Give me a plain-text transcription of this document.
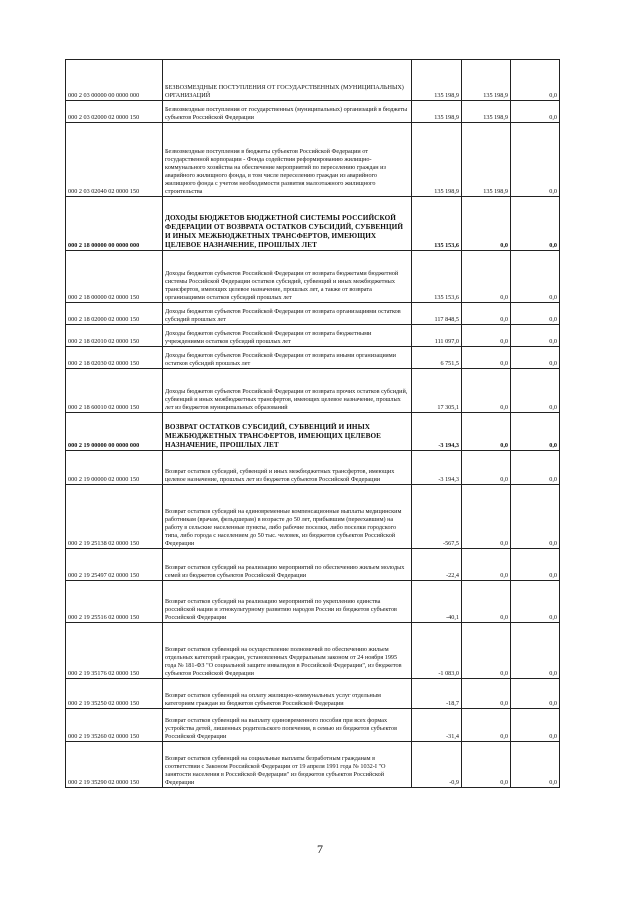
000 2 03 00000 00 0000 000	БЕЗВОЗМЕЗДНЫЕ ПОСТУПЛЕНИЯ ОТ ГОСУДАРСТВЕННЫХ (МУНИЦИПАЛЬНЫХ) ОРГАНИЗАЦИЙ	135 198,9	135 198,9	0,0
000 2 03 02000 02 0000 150	Безвозмездные поступления от государственных (муниципальных) организаций в бюджеты субъектов Российской Федерации	135 198,9	135 198,9	0,0
000 2 03 02040 02 0000 150	Безвозмездные поступления в бюджеты субъектов Российской Федерации от государственной корпорации - Фонда содействия реформированию жилищно-коммунального хозяйства на обеспечение мероприятий по переселению граждан из аварийного жилищного фонда, в том числе переселению граждан из аварийного жилищного фонда с учетом необходимости развития малоэтажного жилищного строительства	135 198,9	135 198,9	0,0
000 2 18 00000 00 0000 000	ДОХОДЫ БЮДЖЕТОВ БЮДЖЕТНОЙ СИСТЕМЫ РОССИЙСКОЙ ФЕДЕРАЦИИ ОТ ВОЗВРАТА ОСТАТКОВ СУБСИДИЙ, СУБВЕНЦИЙ И ИНЫХ МЕЖБЮДЖЕТНЫХ ТРАНСФЕРТОВ, ИМЕЮЩИХ ЦЕЛЕВОЕ НАЗНАЧЕНИЕ, ПРОШЛЫХ ЛЕТ	135 153,6	0,0	0,0
000 2 18 00000 02 0000 150	Доходы бюджетов субъектов Российской Федерации от возврата бюджетами бюджетной системы Российской Федерации остатков субсидий, субвенций и иных межбюджетных трансфертов, имеющих целевое назначение, прошлых лет, а также от возврата организациями остатков субсидий прошлых лет	135 153,6	0,0	0,0
000 2 18 02000 02 0000 150	Доходы бюджетов субъектов Российской Федерации от возврата организациями остатков субсидий прошлых лет	117 848,5	0,0	0,0
000 2 18 02010 02 0000 150	Доходы бюджетов субъектов Российской Федерации от возврата бюджетными учреждениями остатков субсидий прошлых лет	111 097,0	0,0	0,0
000 2 18 02030 02 0000 150	Доходы бюджетов субъектов Российской Федерации от возврата иными организациями остатков субсидий прошлых лет	6 751,5	0,0	0,0
000 2 18 60010 02 0000 150	Доходы бюджетов субъектов Российской Федерации от возврата прочих остатков субсидий, субвенций и иных межбюджетных трансфертов, имеющих целевое назначение, прошлых лет из бюджетов муниципальных образований	17 305,1	0,0	0,0
000 2 19 00000 00 0000 000	ВОЗВРАТ ОСТАТКОВ СУБСИДИЙ, СУБВЕНЦИЙ И ИНЫХ МЕЖБЮДЖЕТНЫХ ТРАНСФЕРТОВ, ИМЕЮЩИХ ЦЕЛЕВОЕ НАЗНАЧЕНИЕ, ПРОШЛЫХ ЛЕТ	-3 194,3	0,0	0,0
000 2 19 00000 02 0000 150	Возврат остатков субсидий, субвенций и иных межбюджетных трансфертов, имеющих целевое назначение, прошлых лет из бюджетов субъектов Российской Федерации	-3 194,3	0,0	0,0
000 2 19 25138 02 0000 150	Возврат остатков субсидий на единовременные компенсационные выплаты медицинским работникам (врачам, фельдшерам) в возрасте до 50 лет, прибывшим (переехавшим) на работу в сельские населенные пункты, либо рабочие поселки, либо поселки городского типа, либо города с населением до 50 тыс. человек, из бюджетов субъектов Российской Федерации	-567,5	0,0	0,0
000 2 19 25497 02 0000 150	Возврат остатков субсидий на реализацию мероприятий по обеспечению жильем молодых семей из бюджетов субъектов Российской Федерации	-22,4	0,0	0,0
000 2 19 25516 02 0000 150	Возврат остатков субсидий на реализацию мероприятий по укреплению единства российской нации и этнокультурному развитию народов России из бюджетов субъектов Российской Федерации	-40,1	0,0	0,0
000 2 19 35176 02 0000 150	Возврат остатков субвенций на осуществление полномочий по обеспечению жильем отдельных категорий граждан, установленных Федеральным законом от 24 ноября 1995 года № 181-ФЗ "О социальной защите инвалидов в Российской Федерации", из бюджетов субъектов Российской Федерации	-1 083,0	0,0	0,0
000 2 19 35250 02 0000 150	Возврат остатков субвенций на оплату жилищно-коммунальных услуг отдельным категориям граждан из бюджетов субъектов Российской Федерации	-18,7	0,0	0,0
000 2 19 35260 02 0000 150	Возврат остатков субвенций на выплату единовременного пособия при всех формах устройства детей, лишенных родительского попечения, в семью из бюджетов субъектов Российской Федерации	-31,4	0,0	0,0
000 2 19 35290 02 0000 150	Возврат остатков субвенций на социальные выплаты безработным гражданам в соответствии с Законом Российской Федерации от 19 апреля 1991 года № 1032-I "О занятости населения в Российской Федерации" из бюджетов субъектов Российской Федерации	-0,9	0,0	0,0
7
